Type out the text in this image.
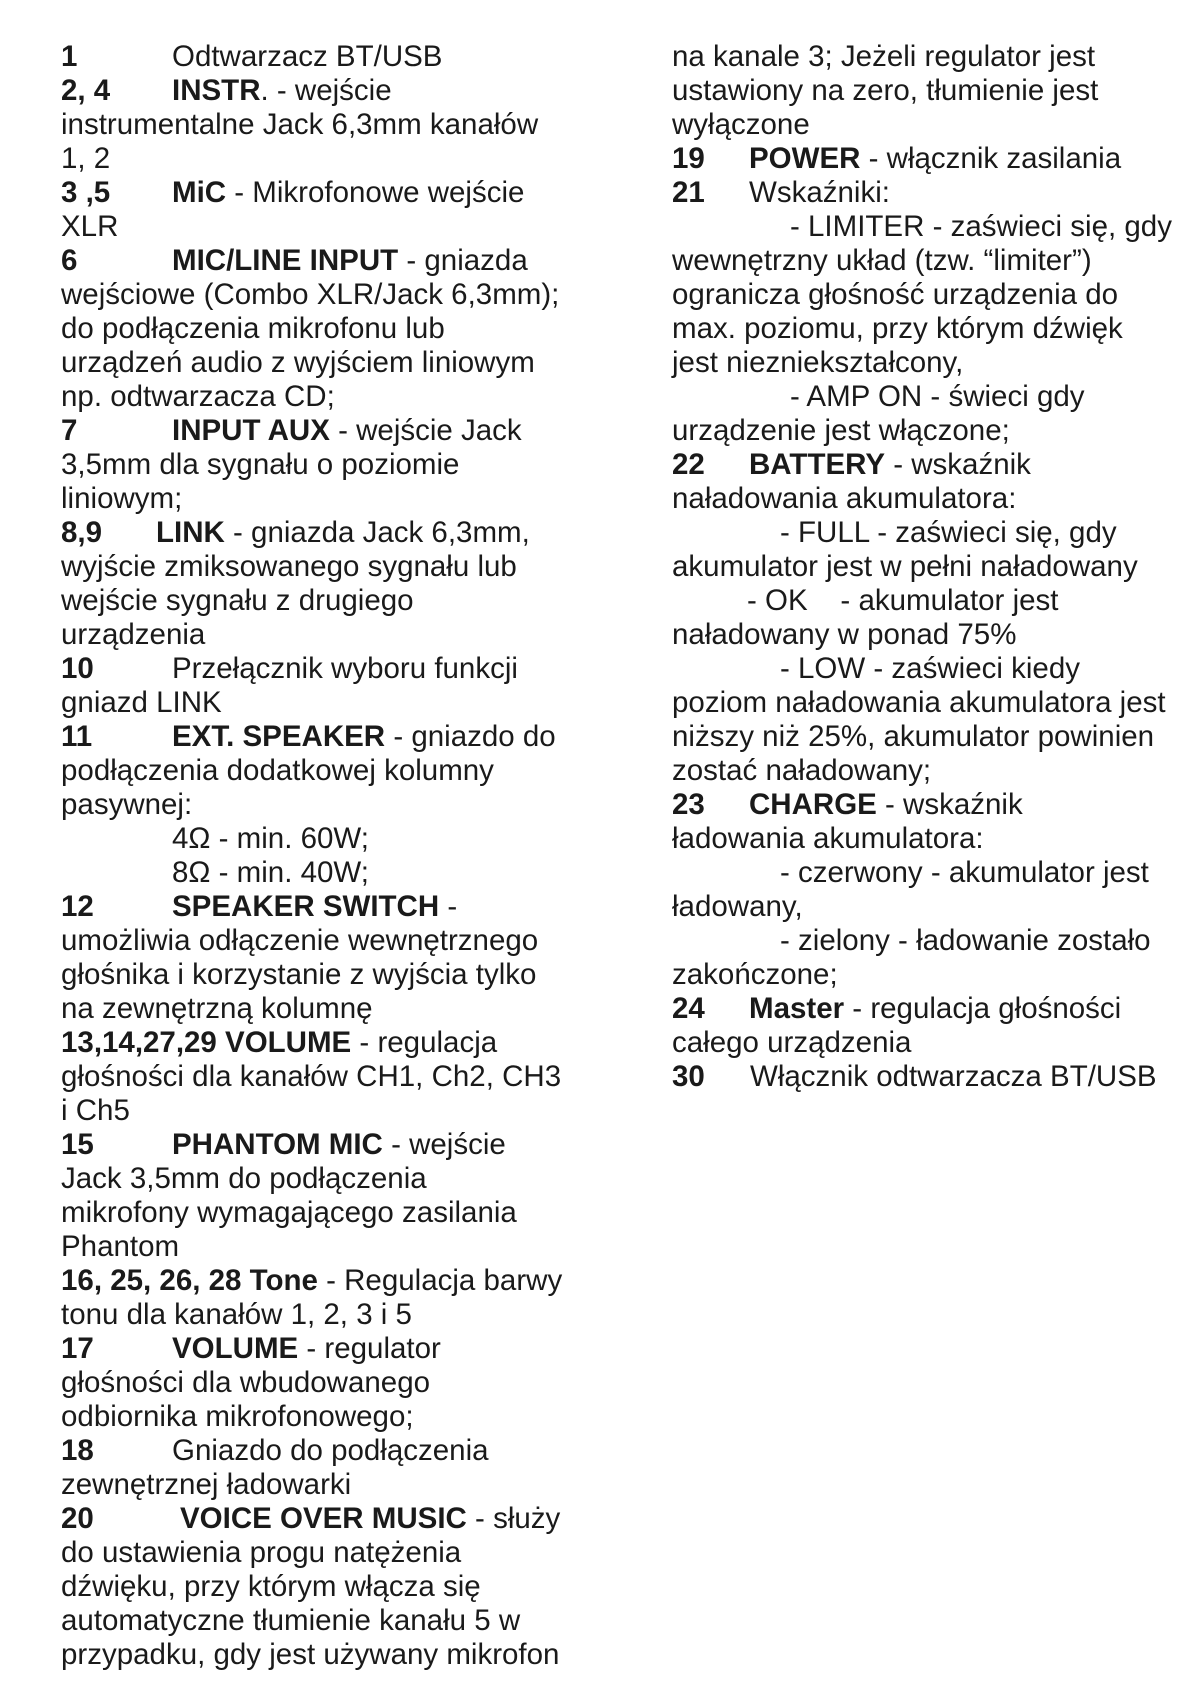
1	Odtwarzacz BT/USB
2, 4 INSTR. - wejście
instrumentalne Jack 6,3mm kanałów
1, 2
3 ,5 MiC - Mikrofonowe wejście
XLR
6	MIC/LINE INPUT - gniazda
wejściowe (Combo XLR/Jack 6,3mm);
do podłączenia mikrofonu lub
urządzeń audio z wyjściem liniowym
np. odtwarzacza CD;
7	INPUT AUX - wejście Jack
3,5mm dla sygnału o poziomie
liniowym;
8,9 LINK - gniazda Jack 6,3mm,
wyjście zmiksowanego sygnału lub
wejście sygnału z drugiego
urządzenia
10	Przełącznik wyboru funkcji
gniazd LINK
11	EXT. SPEAKER - gniazdo do
podłączenia dodatkowej kolumny
pasywnej:
4Ω - min. 60W;
8Ω - min. 40W;
12	SPEAKER SWITCH -
umożliwia odłączenie wewnętrznego
głośnika i korzystanie z wyjścia tylko
na zewnętrzną kolumnę
13,14,27,29 VOLUME - regulacja
głośności dla kanałów CH1, Ch2, CH3
i Ch5
15	PHANTOM MIC - wejście
Jack 3,5mm do podłączenia
mikrofony wymagającego zasilania
Phantom
16, 25, 26, 28 Tone - Regulacja barwy
tonu dla kanałów 1, 2, 3 i 5
17	VOLUME - regulator
głośności dla wbudowanego
odbiornika mikrofonowego;
18	Gniazdo do podłączenia
zewnętrznej ładowarki
20	VOICE OVER MUSIC - służy
do ustawienia progu natężenia
dźwięku, przy którym włącza się
automatyczne tłumienie kanału 5 w
przypadku, gdy jest używany mikrofon
na kanale 3; Jeżeli regulator jest
ustawiony na zero, tłumienie jest
wyłączone
19 POWER - włącznik zasilania
21 Wskaźniki:
- LIMITER - zaświeci się, gdy
wewnętrzny układ (tzw. “limiter”)
ogranicza głośność urządzenia do
max. poziomu, przy którym dźwięk
jest niezniekształcony,
- AMP ON - świeci gdy
urządzenie jest włączone;
22 BATTERY - wskaźnik
naładowania akumulatora:
- FULL - zaświeci się, gdy
akumulator jest w pełni naładowany
- OK    - akumulator jest
naładowany w ponad 75%
- LOW - zaświeci kiedy
poziom naładowania akumulatora jest
niższy niż 25%, akumulator powinien
zostać naładowany;
23 CHARGE - wskaźnik
ładowania akumulatora:
- czerwony - akumulator jest
ładowany,
- zielony - ładowanie zostało
zakończone;
24 Master - regulacja głośności
całego urządzenia
30 Włącznik odtwarzacza BT/USB
